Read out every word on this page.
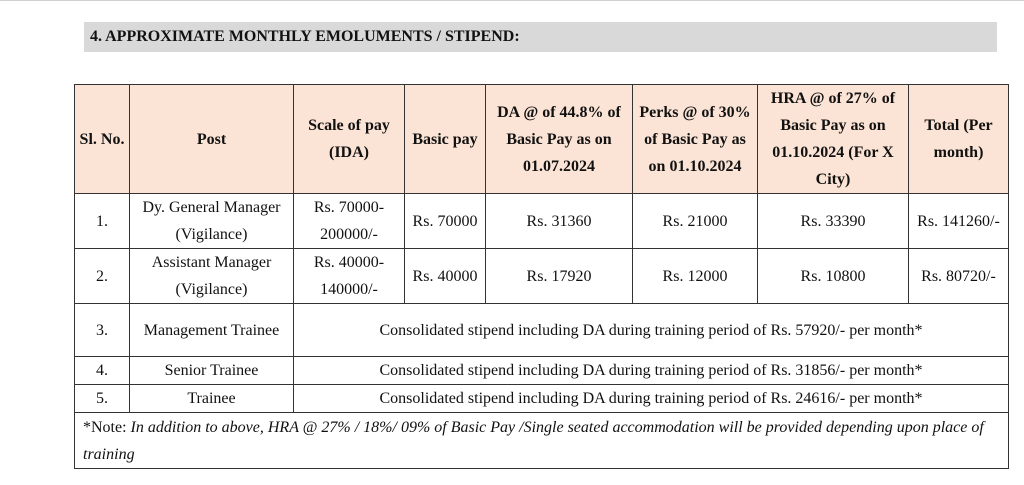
4. APPROXIMATE MONTHLY EMOLUMENTS / STIPEND:
Sl. No.	Post	Scale of pay (IDA)	Basic pay	DA @ of 44.8% of Basic Pay as on 01.07.2024	Perks @ of 30% of Basic Pay as on 01.10.2024	HRA @ of 27% of Basic Pay as on 01.10.2024 (For X City)	Total (Per month)
1.	Dy. General Manager (Vigilance)	Rs. 70000-200000/-	Rs. 70000	Rs. 31360	Rs. 21000	Rs. 33390	Rs. 141260/-
2.	Assistant Manager (Vigilance)	Rs. 40000-140000/-	Rs. 40000	Rs. 17920	Rs. 12000	Rs. 10800	Rs. 80720/-
3.	Management Trainee	Consolidated stipend including DA during training period of Rs. 57920/- per month*					
4.	Senior Trainee	Consolidated stipend including DA during training period of Rs. 31856/- per month*					
5.	Trainee	Consolidated stipend including DA during training period of Rs. 24616/- per month*					
*Note: In addition to above, HRA @ 27% / 18%/ 09% of Basic Pay /Single seated accommodation will be provided depending upon place of training							
